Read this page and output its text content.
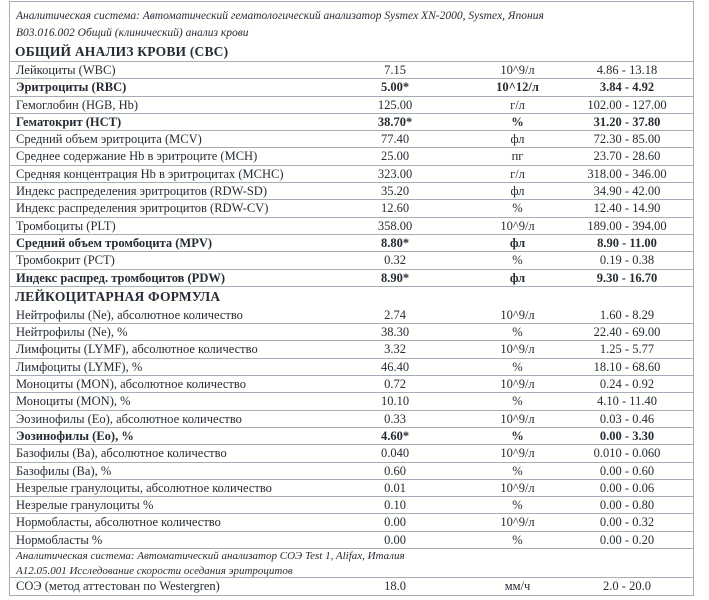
Аналитическая система: Автоматический гематологический анализатор Sysmex XN-2000, Sysmex, Япония
В03.016.002 Общий (клинический) анализ крови
ОБЩИЙ АНАЛИЗ КРОВИ (CBC)
Лейкоциты (WBC)	7.15	10^9/л	4.86 - 13.18
Эритроциты (RBC)	5.00*	10^12/л	3.84 - 4.92
Гемоглобин (HGB, Hb)	125.00	г/л	102.00 - 127.00
Гематокрит (HCT)	38.70*	%	31.20 - 37.80
Средний объем эритроцита (MCV)	77.40	фл	72.30 - 85.00
Среднее содержание Hb в эритроците (MCH)	25.00	пг	23.70 - 28.60
Средняя концентрация Hb в эритроцитах (MCHC)	323.00	г/л	318.00 - 346.00
Индекс распределения эритроцитов (RDW-SD)	35.20	фл	34.90 - 42.00
Индекс распределения эритроцитов (RDW-CV)	12.60	%	12.40 - 14.90
Тромбоциты (PLT)	358.00	10^9/л	189.00 - 394.00
Средний объем тромбоцита (MPV)	8.80*	фл	8.90 - 11.00
Тромбокрит (PCT)	0.32	%	0.19 - 0.38
Индекс распред. тромбоцитов (PDW)	8.90*	фл	9.30 - 16.70
ЛЕЙКОЦИТАРНАЯ ФОРМУЛА
Нейтрофилы (Ne), абсолютное количество	2.74	10^9/л	1.60 - 8.29
Нейтрофилы (Ne), %	38.30	%	22.40 - 69.00
Лимфоциты (LYMF), абсолютное количество	3.32	10^9/л	1.25 - 5.77
Лимфоциты (LYMF), %	46.40	%	18.10 - 68.60
Моноциты (MON), абсолютное количество	0.72	10^9/л	0.24 - 0.92
Моноциты (MON), %	10.10	%	4.10 - 11.40
Эозинофилы (Eo), абсолютное количество	0.33	10^9/л	0.03 - 0.46
Эозинофилы (Eo), %	4.60*	%	0.00 - 3.30
Базофилы (Ba), абсолютное количество	0.040	10^9/л	0.010 - 0.060
Базофилы (Ba), %	0.60	%	0.00 - 0.60
Незрелые гранулоциты, абсолютное количество	0.01	10^9/л	0.00 - 0.06
Незрелые гранулоциты %	0.10	%	0.00 - 0.80
Нормобласты, абсолютное количество	0.00	10^9/л	0.00 - 0.32
Нормобласты %	0.00	%	0.00 - 0.20
Аналитическая система: Автоматический анализатор СОЭ Test 1, Alifax, Италия
А12.05.001 Исследование скорости оседания эритроцитов
СОЭ (метод аттестован по Westergren)	18.0	мм/ч	2.0 - 20.0
